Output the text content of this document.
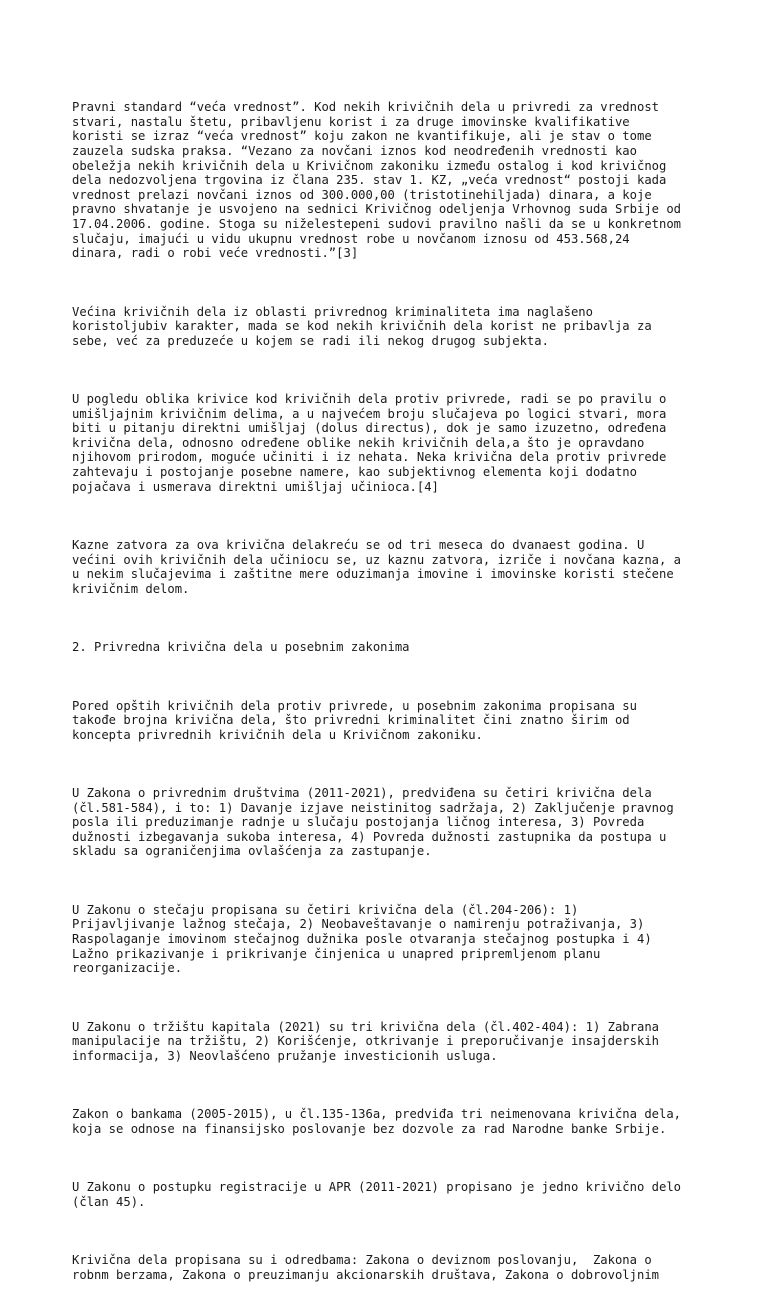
Pravni standard “veća vrednost”. Kod nekih krivičnih dela u privredi za vrednost
stvari, nastalu štetu, pribavljenu korist i za druge imovinske kvalifikative
koristi se izraz “veća vrednost” koju zakon ne kvantifikuje, ali je stav o tome
zauzela sudska praksa. “Vezano za novčani iznos kod neodređenih vrednosti kao
obeležja nekih krivičnih dela u Krivičnom zakoniku između ostalog i kod krivičnog
dela nedozvoljena trgovina iz člana 235. stav 1. KZ, „veća vrednost“ postoji kada
vrednost prelazi novčani iznos od 300.000,00 (tristotinehiljada) dinara, a koje
pravno shvatanje je usvojeno na sednici Krivičnog odeljenja Vrhovnog suda Srbije od
17.04.2006. godine. Stoga su niželestepeni sudovi pravilno našli da se u konkretnom
slučaju, imajući u vidu ukupnu vrednost robe u novčanom iznosu od 453.568,24
dinara, radi o robi veće vrednosti.”[3]

Većina krivičnih dela iz oblasti privrednog kriminaliteta ima naglašeno
koristoljubiv karakter, mada se kod nekih krivičnih dela korist ne pribavlja za
sebe, već za preduzeće u kojem se radi ili nekog drugog subjekta.

U pogledu oblika krivice kod krivičnih dela protiv privrede, radi se po pravilu o
umišljajnim krivičnim delima, a u najvećem broju slučajeva po logici stvari, mora
biti u pitanju direktni umišljaj (dolus directus), dok je samo izuzetno, određena
krivična dela, odnosno određene oblike nekih krivičnih dela,a što je opravdano
njihovom prirodom, moguće učiniti i iz nehata. Neka krivična dela protiv privrede
zahtevaju i postojanje posebne namere, kao subjektivnog elementa koji dodatno
pojačava i usmerava direktni umišljaj učinioca.[4]

Kazne zatvora za ova krivična delakreću se od tri meseca do dvanaest godina. U
većini ovih krivičnih dela učiniocu se, uz kaznu zatvora, izriče i novčana kazna, a
u nekim slučajevima i zaštitne mere oduzimanja imovine i imovinske koristi stečene
krivičnim delom.

2. Privredna krivična dela u posebnim zakonima

Pored opštih krivičnih dela protiv privrede, u posebnim zakonima propisana su
takođe brojna krivična dela, što privredni kriminalitet čini znatno širim od
koncepta privrednih krivičnih dela u Krivičnom zakoniku.

U Zakona o privrednim društvima (2011-2021), predviđena su četiri krivična dela
(čl.581-584), i to: 1) Davanje izjave neistinitog sadržaja, 2) Zaključenje pravnog
posla ili preduzimanje radnje u slučaju postojanja ličnog interesa, 3) Povreda
dužnosti izbegavanja sukoba interesa, 4) Povreda dužnosti zastupnika da postupa u
skladu sa ograničenjima ovlašćenja za zastupanje.

U Zakonu o stečaju propisana su četiri krivična dela (čl.204-206): 1)
Prijavljivanje lažnog stečaja, 2) Neobaveštavanje o namirenju potraživanja, 3)
Raspolaganje imovinom stečajnog dužnika posle otvaranja stečajnog postupka i 4)
Lažno prikazivanje i prikrivanje činjenica u unapred pripremljenom planu
reorganizacije.

U Zakonu o tržištu kapitala (2021) su tri krivična dela (čl.402-404): 1) Zabrana
manipulacije na tržištu, 2) Korišćenje, otkrivanje i preporučivanje insajderskih
informacija, 3) Neovlašćeno pružanje investicionih usluga.

Zakon o bankama (2005-2015), u čl.135-136a, predviđa tri neimenovana krivična dela,
koja se odnose na finansijsko poslovanje bez dozvole za rad Narodne banke Srbije.

U Zakonu o postupku registracije u APR (2011-2021) propisano je jedno krivično delo
(član 45).

Krivična dela propisana su i odredbama: Zakona o deviznom poslovanju,  Zakona o
robnm berzama, Zakona o preuzimanju akcionarskih društava, Zakona o dobrovoljnim
